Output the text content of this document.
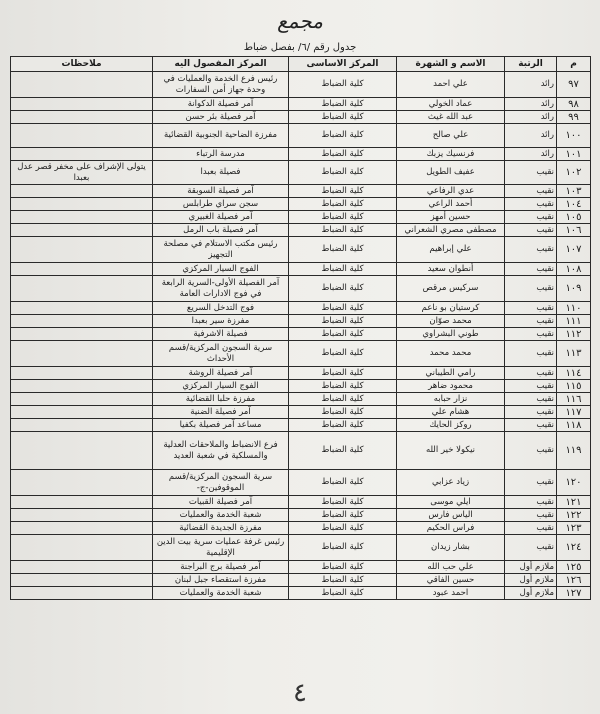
مجمع
جدول رقم /٦/ بفصل ضباط
م	الرتبة	الاسم و الشهرة	المركز الاساسى	المركز المفصول اليه	ملاحظات
٩٧	رائد	علي احمد	كلية الضباط	رئيس فرع الخدمة والعمليات في وحدة جهاز أمن السفارات	
٩٨	رائد	عماد الخولي	كلية الضباط	آمر فصيلة الدكوانة	
٩٩	رائد	عبد الله غيث	كلية الضباط	آمر فصيلة بئر حسن	
١٠٠	رائد	علي صالح	كلية الضباط	مفرزة الضاحية الجنوبية القضائية	
١٠١	رائد	فرنسيك يزبك	كلية الضباط	مدرسة الرتباء	
١٠٢	نقيب	عفيف الطويل	كلية الضباط	فصيلة بعبدا	يتولى الإشراف على مخفر قصر عدل بعبدا
١٠٣	نقيب	عدي الرفاعي	كلية الضباط	آمر فصيلة السوبقة	
١٠٤	نقيب	أحمد الراعي	كلية الضباط	سجن سراي طرابلس	
١٠٥	نقيب	حسين أمهز	كلية الضباط	آمر فصيلة الغبيري	
١٠٦	نقيب	مصطفى مصري الشعراني	كلية الضباط	آمر فصيلة باب الرمل	
١٠٧	نقيب	علي إبراهيم	كلية الضباط	رئيس مكتب الاستلام في مصلحة التجهيز	
١٠٨	نقيب	أنطوان سعيد	كلية الضباط	الفوج السيار المركزي	
١٠٩	نقيب	سركيس مرقص	كلية الضباط	آمر الفصيلة الأولى-السرية الرابعة في فوج الادارات العامة	
١١٠	نقيب	كرستيان بو ناعم	كلية الضباط	فوج التدخل السريع	
١١١	نقيب	محمد صوّان	كلية الضباط	مفرزة سير بعبدا	
١١٢	نقيب	طوني البشراوي	كلية الضباط	فصيلة الاشرفية	
١١٣	نقيب	محمد محمد	كلية الضباط	سرية السجون المركزية/قسم الأحداث	
١١٤	نقيب	رامي الطيباني	كلية الضباط	آمر فصيلة الروشة	
١١٥	نقيب	محمود ضاهر	كلية الضباط	الفوج السيار المركزي	
١١٦	نقيب	نزار حبابه	كلية الضباط	مفرزة حلبا القضائية	
١١٧	نقيب	هشام علي	كلية الضباط	آمر فصيلة الضنية	
١١٨	نقيب	روكز الحايك	كلية الضباط	مساعد آمر فصيلة بكفيا	
١١٩	نقيب	نيكولا خير الله	كلية الضباط	فرع الانضباط والملاحقات العدلية والمسلكية في شعبة العديد	
١٢٠	نقيب	زياد عزابي	كلية الضباط	سرية السجون المركزية/قسم الموقوفين-ج-	
١٢١	نقيب	ايلي موسى	كلية الضباط	آمر فصيلة القبيات	
١٢٢	نقيب	الياس فارس	كلية الضباط	شعبة الخدمة والعمليات	
١٢٣	نقيب	فراس الحكيم	كلية الضباط	مفرزة الجديدة القضائية	
١٢٤	نقيب	بشار زيدان	كلية الضباط	رئيس غرفة عمليات سرية بيت الدين الإقليمية	
١٢٥	ملازم أول	علي حب الله	كلية الضباط	آمر فصيلة برج البراجنة	
١٢٦	ملازم أول	حسين الفاقي	كلية الضباط	مفرزة استقصاء جبل لبنان	
١٢٧	ملازم أول	احمد عبود	كلية الضباط	شعبة الخدمة والعمليات	
٤
